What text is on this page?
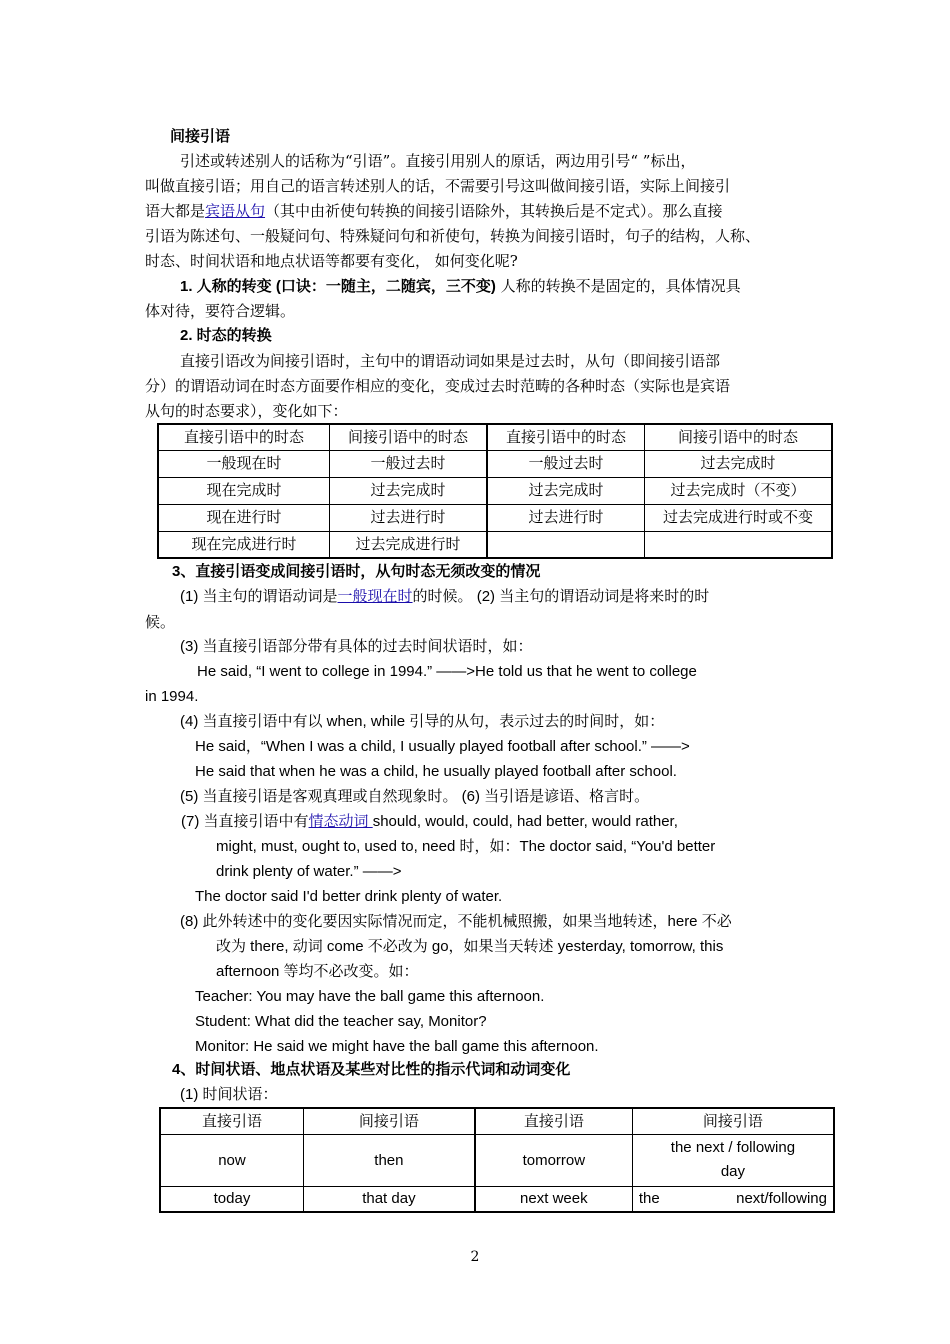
间接引语
引述或转述别人的话称为“引语”。直接引用别人的原话，两边用引号“ ”标出，
叫做直接引语；用自己的语言转述别人的话，不需要引号这叫做间接引语，实际上间接引
语大都是宾语从句（其中由祈使句转换的间接引语除外，其转换后是不定式）。那么直接
引语为陈述句、一般疑问句、特殊疑问句和祈使句，转换为间接引语时，句子的结构，人称、
时态、时间状语和地点状语等都要有变化， 如何变化呢?
1. 人称的转变 (口诀：一随主，二随宾，三不变) 人称的转换不是固定的，具体情况具
体对待，要符合逻辑。
2. 时态的转换
直接引语改为间接引语时，主句中的谓语动词如果是过去时，从句（即间接引语部
分）的谓语动词在时态方面要作相应的变化，变成过去时范畴的各种时态（实际也是宾语
从句的时态要求），变化如下：
直接引语中的时态	间接引语中的时态	直接引语中的时态	间接引语中的时态
一般现在时	一般过去时	一般过去时	过去完成时
现在完成时	过去完成时	过去完成时	过去完成时（不变）
现在进行时	过去进行时	过去进行时	过去完成进行时或不变
现在完成进行时	过去完成进行时		
3、直接引语变成间接引语时，从句时态无须改变的情况
(1) 当主句的谓语动词是一般现在时的时候。 (2) 当主句的谓语动词是将来时的时
候。
(3) 当直接引语部分带有具体的过去时间状语时，如：
He said, “I went to college in 1994.” ——>He told us that he went to college
in 1994.
(4) 当直接引语中有以 when, while 引导的从句，表示过去的时间时，如：
He said，“When I was a child, I usually played football after school.” ——>
He said that when he was a child, he usually played football after school.
(5) 当直接引语是客观真理或自然现象时。 (6) 当引语是谚语、格言时。
(7) 当直接引语中有情态动词 should, would, could, had better, would rather,
might, must, ought to, used to, need 时，如：The doctor said, “You'd better
drink plenty of water.” ——>
The doctor said I'd better drink plenty of water.
(8) 此外转述中的变化要因实际情况而定，不能机械照搬，如果当地转述，here 不必
改为 there, 动词 come 不必改为 go，如果当天转述 yesterday, tomorrow, this
afternoon 等均不必改变。如：
Teacher: You may have the ball game this afternoon.
Student: What did the teacher say, Monitor?
Monitor: He said we might have the ball game this afternoon.
4、时间状语、地点状语及某些对比性的指示代词和动词变化
(1) 时间状语：
直接引语	间接引语	直接引语	间接引语
now	then	tomorrow	the next / following
day

today	that day	next week	the next/following
2
